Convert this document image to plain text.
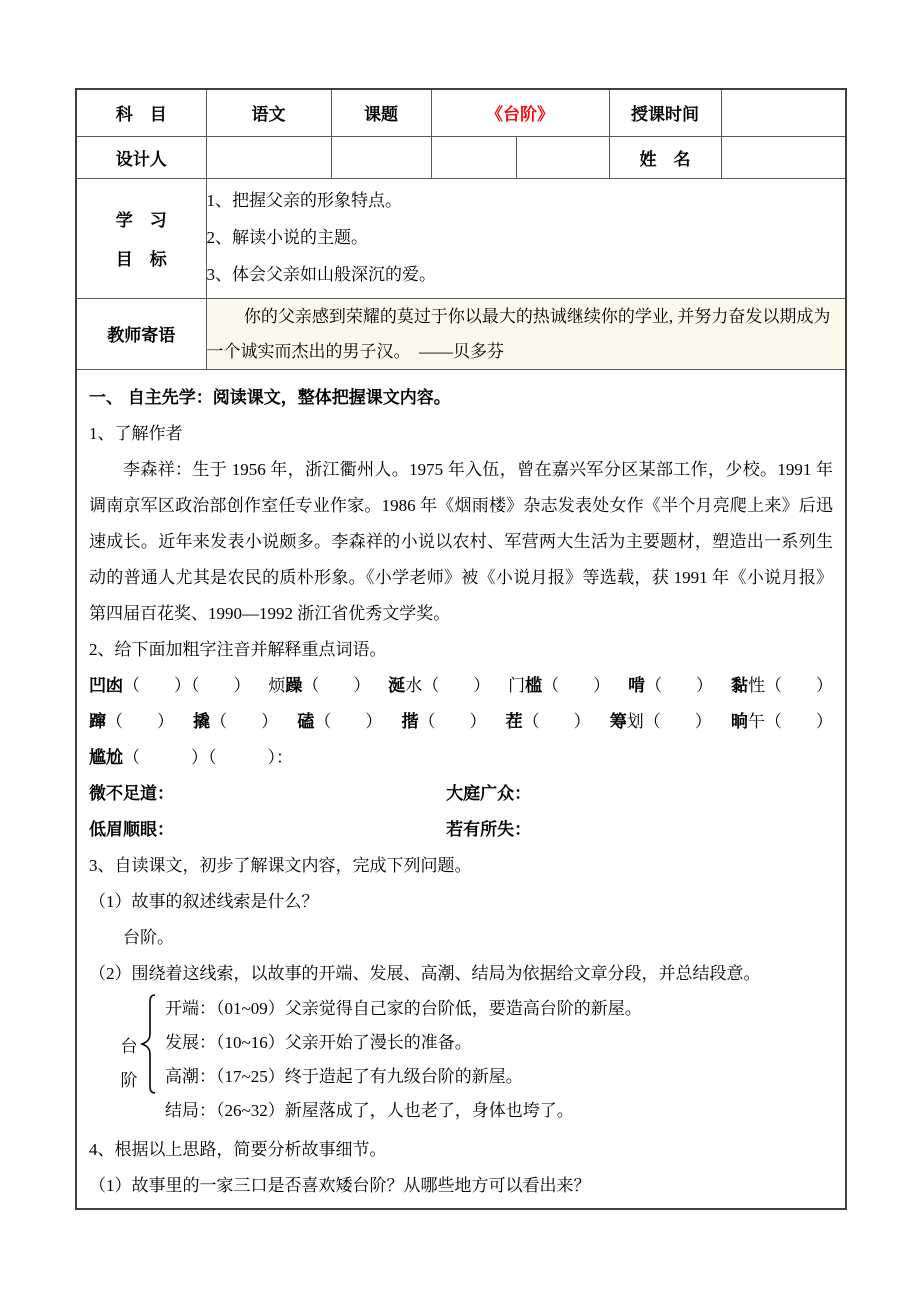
科　目	语文	课题	《台阶》		授课时间	
设计人					姓　名	

学　习
目　标

1、把握父亲的形象特点。
2、解读小说的主题。
3、体会父亲如山般深沉的爱。

教师寄语	你的父亲感到荣耀的莫过于你以最大的热诚继续你的学业, 并努力奋发以期成为一个诚实而杰出的男子汉。　——贝多芬					

一、 自主先学：阅读课文，整体把握课文内容。

1、了解作者

李森祥：生于 1956 年，浙江衢州人。1975 年入伍，曾在嘉兴军分区某部工作，少校。1991 年调南京军区政治部创作室任专业作家。1986 年《烟雨楼》杂志发表处女作《半个月亮爬上来》后迅速成长。近年来发表小说颇多。李森祥的小说以农村、军营两大生活为主要题材，塑造出一系列生动的普通人尤其是农民的质朴形象。《小学老师》被《小说月报》等选载，获 1991 年《小说月报》第四届百花奖、1990—1992 浙江省优秀文学奖。

2、给下面加粗字注音并解释重点词语。

凹凼（　　）（　　） 烦躁（　　） 涎水（　　） 门槛（　　） 啃（　　） 黏性（　　）
蹿（　　） 撬（　　） 磕（　　） 揩（　　） 茬（　　） 筹划（　　） 晌午（　　）
尴尬（　　　）（　　　）：
微不足道：	大庭广众：
低眉顺眼：	若有所失：

3、自读课文，初步了解课文内容，完成下列问题。

（1）故事的叙述线索是什么？

台阶。

（2）围绕着这线索，以故事的开端、发展、高潮、结局为依据给文章分段，并总结段意。

台
阶
开端：（01~09）父亲觉得自己家的台阶低，要造高台阶的新屋。
发展：（10~16）父亲开始了漫长的准备。
高潮：（17~25）终于造起了有九级台阶的新屋。
结局：（26~32）新屋落成了，人也老了，身体也垮了。

4、根据以上思路，简要分析故事细节。

（1）故事里的一家三口是否喜欢矮台阶？从哪些地方可以看出来？
